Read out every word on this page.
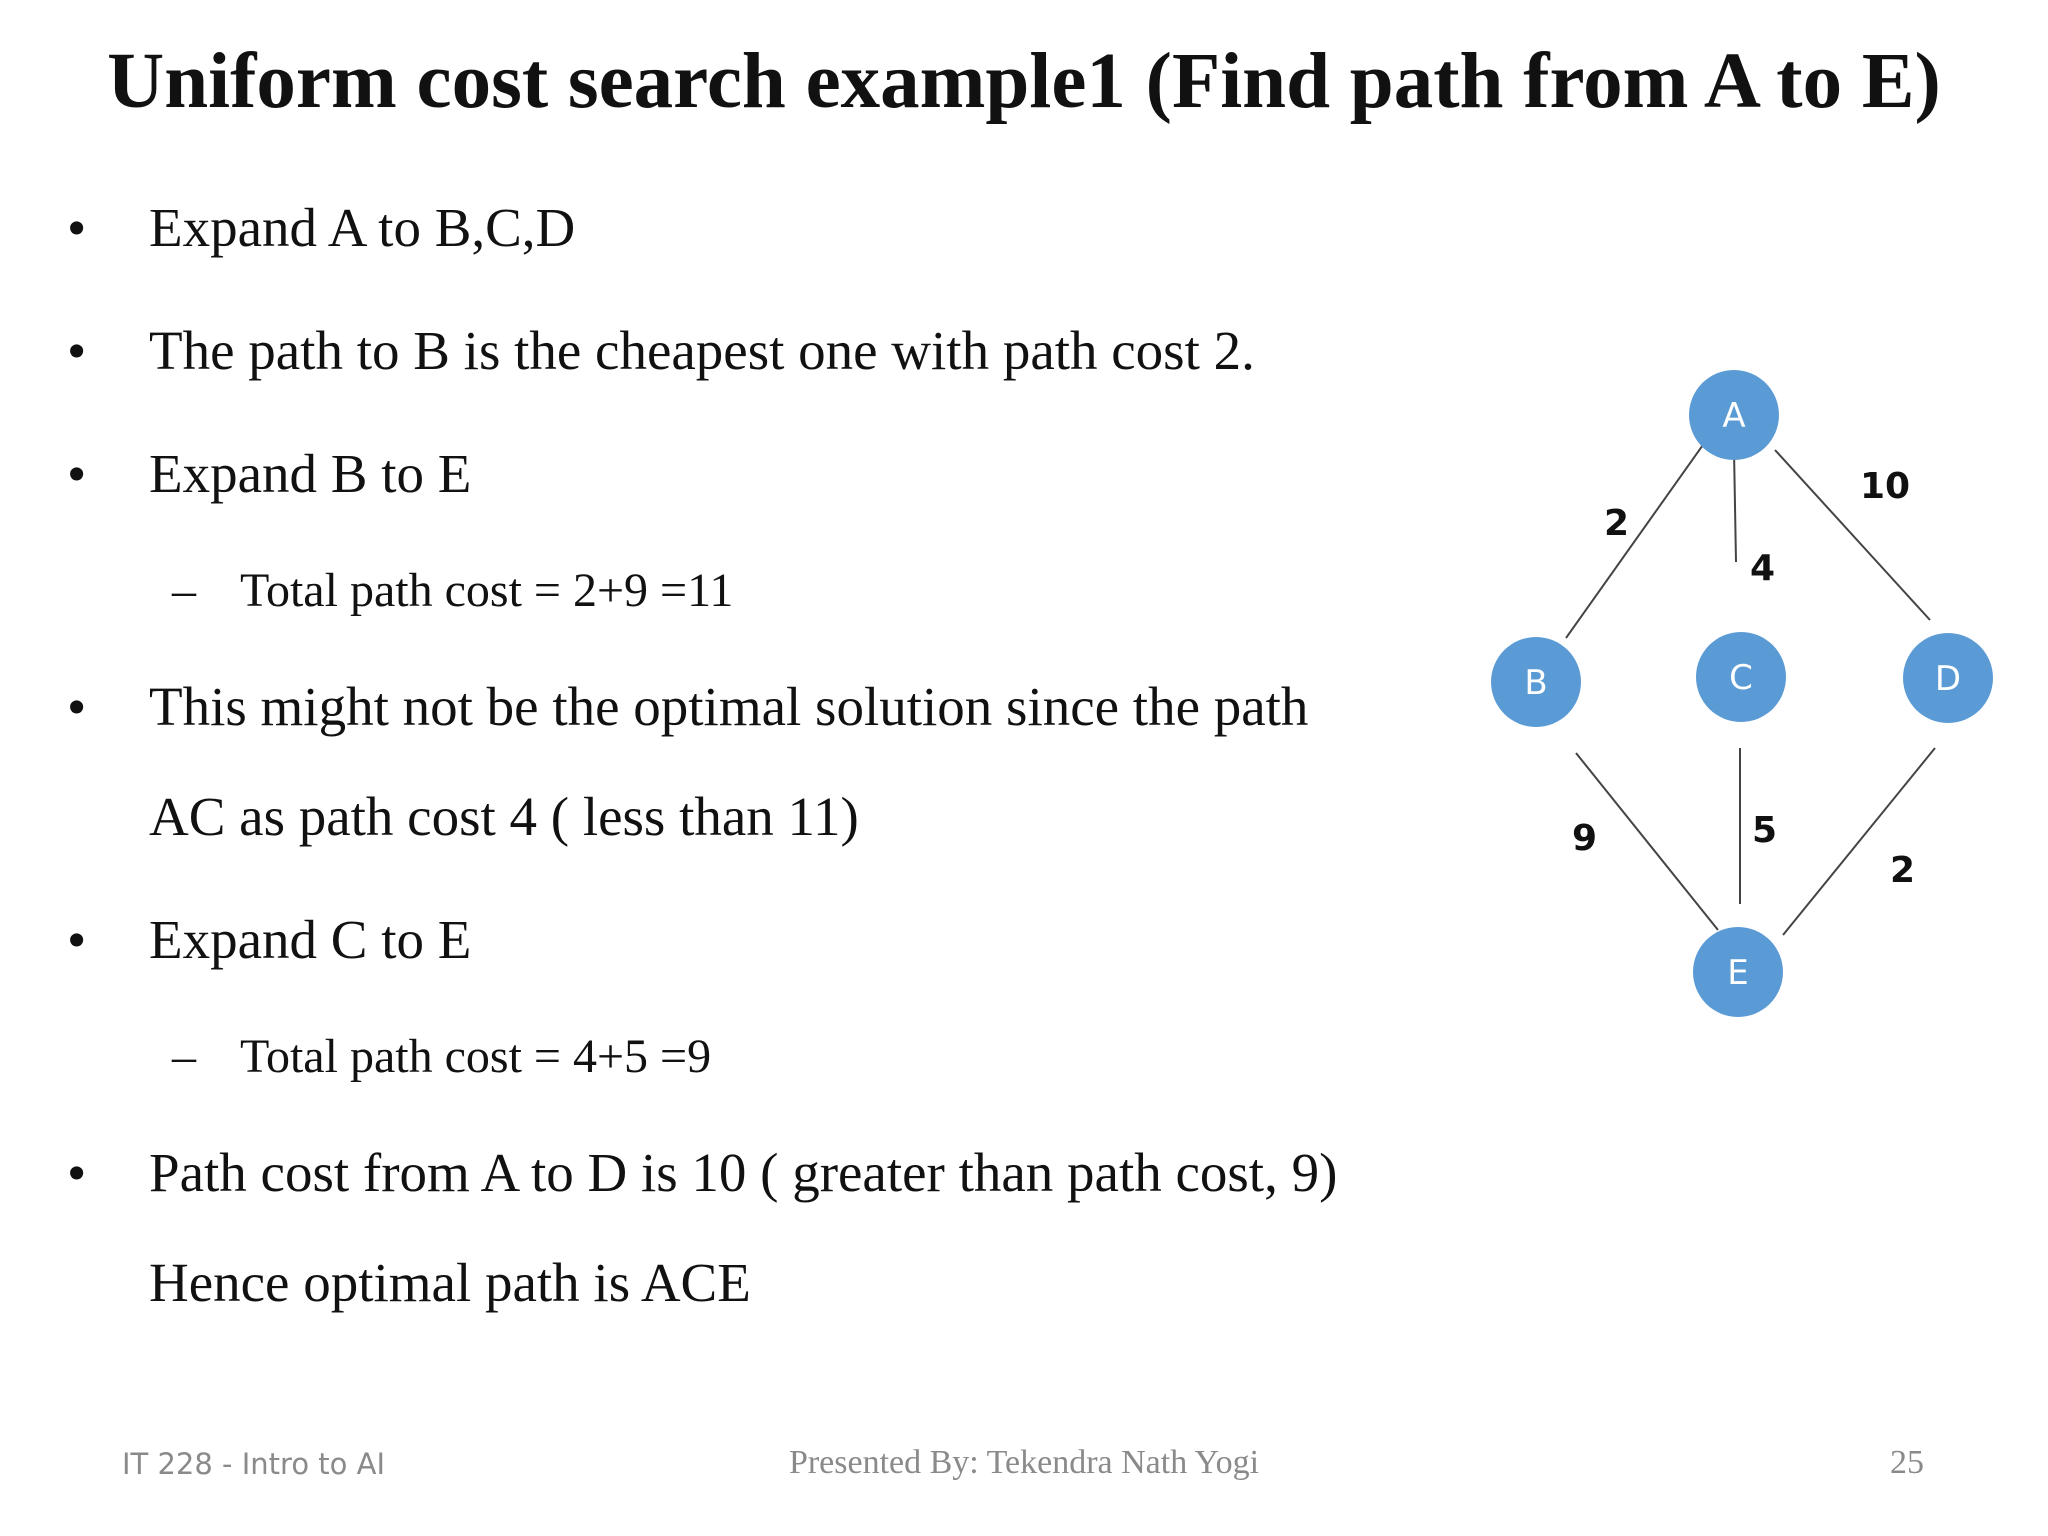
Uniform cost search example1 (Find path from A to E)
• Expand A to B,C,D
• The path to B is the cheapest one with path cost 2.
• Expand B to E
– Total path cost = 2+9 =11
• This might not be the optimal solution since the path
AC as path cost 4 ( less than 11)
• Expand C to E
– Total path cost = 4+5 =9
• Path cost from A to D is 10 ( greater than path cost, 9)
Hence optimal path is ACE
2
4
10
9	5
2
A
B	C	D
E
IT 228 - Intro to AI	Presented By: Tekendra Nath Yogi	25
